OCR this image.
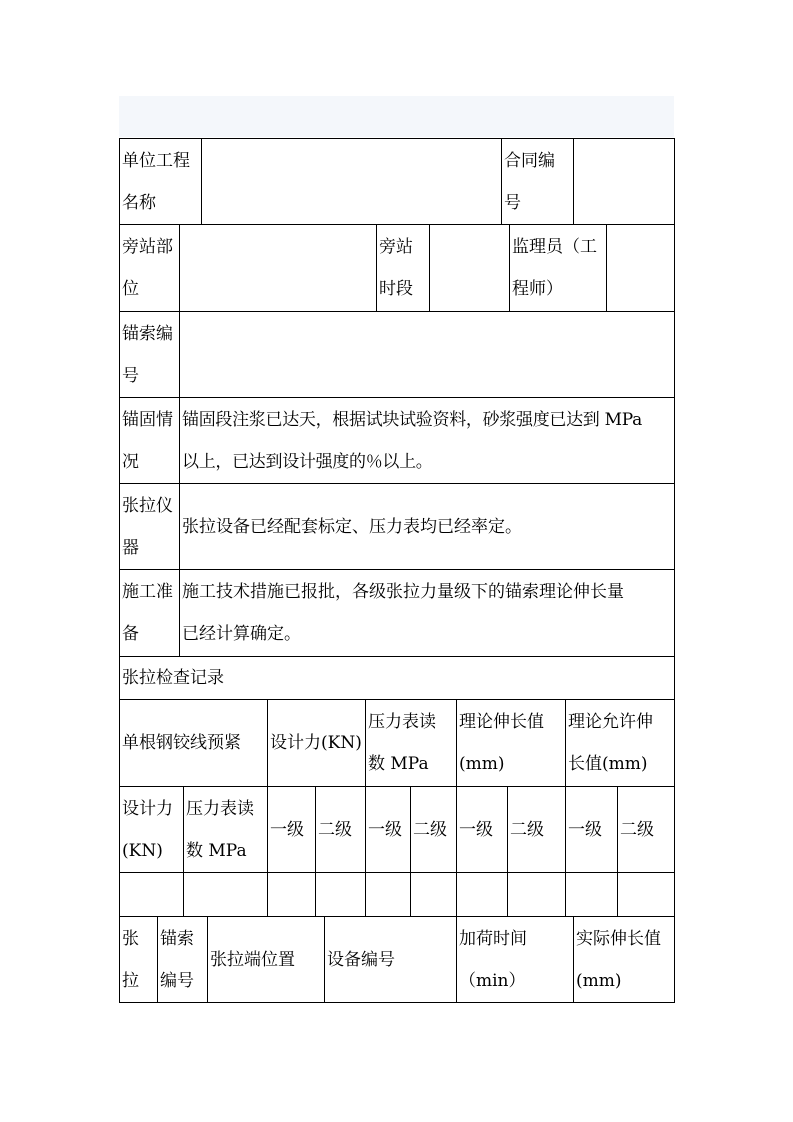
单位工程
名称
合同编
号
旁站部
位
旁站
时段
监理员（工
程师）
锚索编
号
锚固情
况
锚固段注浆已达天，根据试块试验资料，砂浆强度已达到 MPa
以上，已达到设计强度的％以上。
张拉仪
器
张拉设备已经配套标定、压力表均已经率定。
施工准
备
施工技术措施已报批，各级张拉力量级下的锚索理论伸长量
已经计算确定。
张拉检查记录
单根钢铰线预紧 设计力(KN)
压力表读
数 MPa
理论伸长值
(mm)
理论允许伸
长值(mm)
设计力
(KN)
压力表读
数 MPa
一级 二级 一级 二级 一级 二级 一级 二级
张
拉
锚索
编号
张拉端位置 设备编号
加荷时间
（min）
实际伸长值
(mm)
